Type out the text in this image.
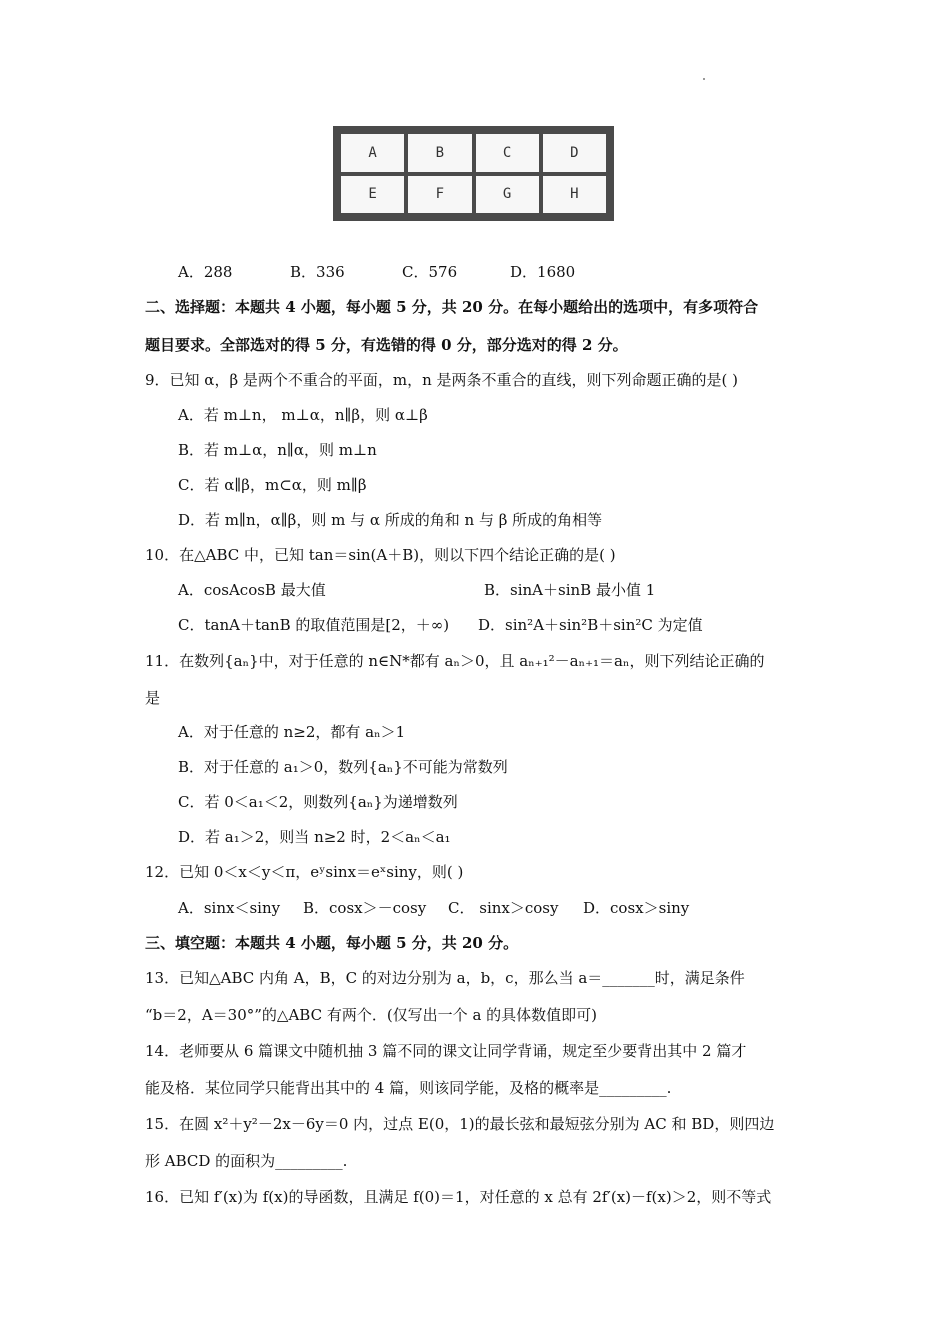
A	B	C	D
E	F	G	H
A．288	B．336	C．576	D．1680
二、选择题：本题共 4 小题，每小题 5 分，共 20 分。在每小题给出的选项中，有多项符合
题目要求。全部选对的得 5 分，有选错的得 0 分，部分选对的得 2 分。
9．已知 α，β 是两个不重合的平面，m，n 是两条不重合的直线，则下列命题正确的是( )
A．若 m⊥n， m⊥α，n∥β，则 α⊥β
B．若 m⊥α，n∥α，则 m⊥n
C．若 α∥β，m⊂α，则 m∥β
D．若 m∥n，α∥β，则 m 与 α 所成的角和 n 与 β 所成的角相等
10．在△ABC 中，已知 tan＝sin(A＋B)，则以下四个结论正确的是( )
A．cosAcosB 最大值	B．sinA＋sinB 最小值 1
C．tanA＋tanB 的取值范围是[2，＋∞) D．sin²A＋sin²B＋sin²C 为定值
11．在数列{aₙ}中，对于任意的 n∈N*都有 aₙ＞0，且 aₙ₊₁²－aₙ₊₁＝aₙ，则下列结论正确的
是
A．对于任意的 n≥2，都有 aₙ＞1
B．对于任意的 a₁＞0，数列{aₙ}不可能为常数列
C．若 0＜a₁＜2，则数列{aₙ}为递增数列
D．若 a₁＞2，则当 n≥2 时，2＜aₙ＜a₁
12．已知 0＜x＜y＜π，eʸsinx＝eˣsiny，则( )
A．sinx＜siny B．cosx＞－cosy C． sinx＞cosy D．cosx＞siny
三、填空题：本题共 4 小题，每小题 5 分，共 20 分。
13．已知△ABC 内角 A，B，C 的对边分别为 a，b，c，那么当 a＝_______时，满足条件
“b＝2，A＝30°”的△ABC 有两个．(仅写出一个 a 的具体数值即可)
14．老师要从 6 篇课文中随机抽 3 篇不同的课文让同学背诵，规定至少要背出其中 2 篇才
能及格．某位同学只能背出其中的 4 篇，则该同学能，及格的概率是_________.
15．在圆 x²＋y²－2x－6y＝0 内，过点 E(0，1)的最长弦和最短弦分别为 AC 和 BD，则四边
形 ABCD 的面积为_________.
16．已知 f′(x)为 f(x)的导函数，且满足 f(0)＝1，对任意的 x 总有 2f′(x)－f(x)＞2，则不等式
